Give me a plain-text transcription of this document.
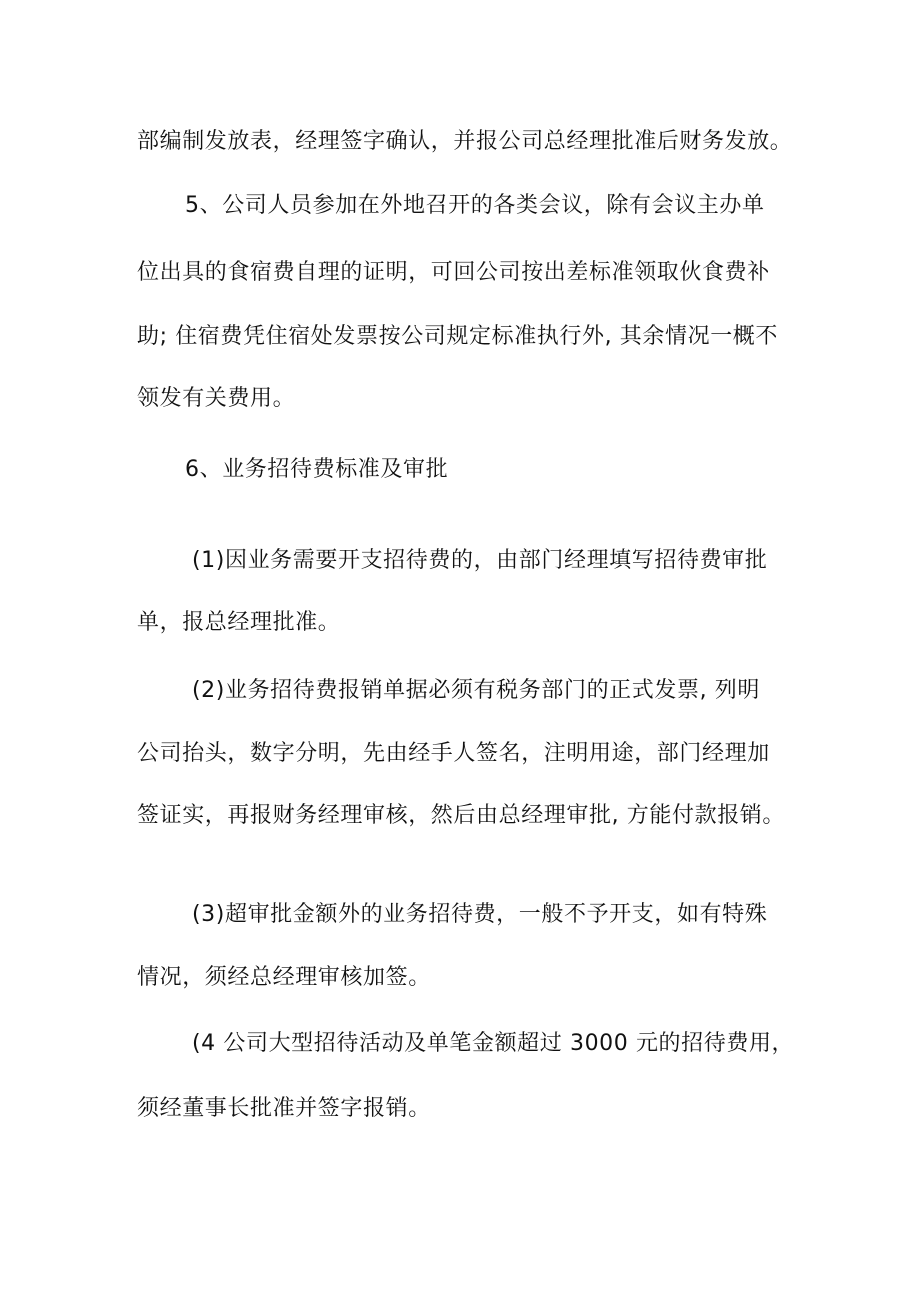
部编制发放表，经理签字确认，并报公司总经理批准后财务发放。
5、公司人员参加在外地召开的各类会议，除有会议主办单
位出具的食宿费自理的证明，可回公司按出差标准领取伙食费补
助; 住宿费凭住宿处发票按公司规定标准执行外, 其余情况一概不
领发有关费用。
6、业务招待费标准及审批
(1)因业务需要开支招待费的，由部门经理填写招待费审批
单，报总经理批准。
(2)业务招待费报销单据必须有税务部门的正式发票, 列明
公司抬头，数字分明，先由经手人签名，注明用途，部门经理加
签证实，再报财务经理审核，然后由总经理审批, 方能付款报销。
(3)超审批金额外的业务招待费，一般不予开支，如有特殊
情况，须经总经理审核加签。
(4 公司大型招待活动及单笔金额超过 3000 元的招待费用，
须经董事长批准并签字报销。
